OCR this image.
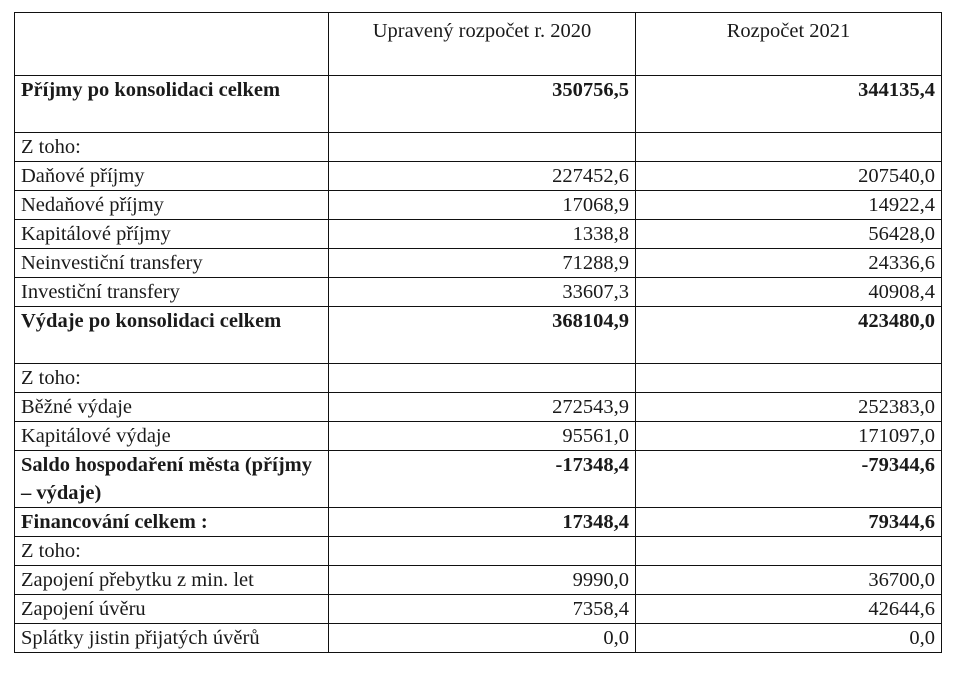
	Upravený rozpočet r. 2020	Rozpočet 2021
Příjmy po konsolidaci celkem	350756,5	344135,4
Z toho:		
Daňové příjmy	227452,6	207540,0
Nedaňové příjmy	17068,9	14922,4
Kapitálové příjmy	1338,8	56428,0
Neinvestiční transfery	71288,9	24336,6
Investiční transfery	33607,3	40908,4
Výdaje po konsolidaci celkem	368104,9	423480,0
Z toho:		
Běžné výdaje	272543,9	252383,0
Kapitálové výdaje	95561,0	171097,0
Saldo hospodaření města (příjmy – výdaje)	-17348,4	-79344,6
Financování celkem :	17348,4	79344,6
Z toho:		
Zapojení přebytku z min. let	9990,0	36700,0
Zapojení úvěru	7358,4	42644,6
Splátky jistin přijatých úvěrů	0,0	0,0
